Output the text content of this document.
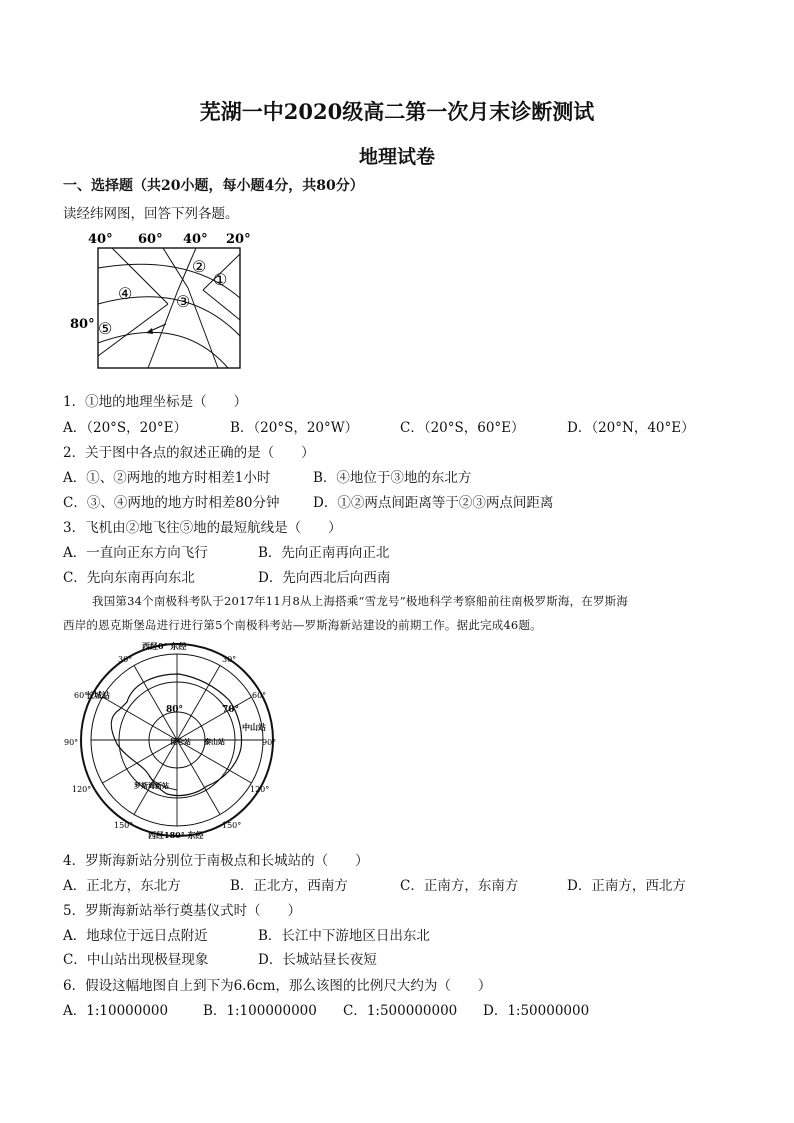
芜湖一中2020级高二第一次月末诊断测试
地理试卷
一、选择题（共20小题，每小题4分，共80分）
读经纬网图，回答下列各题。
40° 60° 40° 20°
80°
①
②
③
④
⑤
1．①地的地理坐标是（　　）
A．（20°S，20°E）	B．（20°S，20°W）	C．（20°S，60°E）	D．（20°N，40°E）
2．关于图中各点的叙述正确的是（　　）
A．①、②两地的地方时相差1小时	B．④地位于③地的东北方
C．③、④两地的地方时相差80分钟 D．①②两点间距离等于②③两点间距离
3．飞机由②地飞往⑤地的最短航线是（　　）
A．一直向正东方向飞行	B．先向正南再向正北
C．先向东南再向东北	D．先向西北后向西南
我国第34个南极科考队于2017年11月8从上海搭乘“雪龙号”极地科学考察船前往南极罗斯海，在罗斯海
西岸的恩克斯堡岛进行进行第5个南极科考站—罗斯海新站建设的前期工作。据此完成46题。
西经0° 东经
西经180° 东经
30°	30°
60°	60°
90°	90°
120°	120°
150°	150°
80°	70°
长城站
中山站
罗斯海新站
昆仑站 泰山站
4．罗斯海新站分别位于南极点和长城站的（　　）
A．正北方，东北方	B．正北方，西南方	C．正南方，东南方	D．正南方，西北方
5．罗斯海新站举行奠基仪式时（　　）
A．地球位于远日点附近	B．长江中下游地区日出东北
C．中山站出现极昼现象	D．长城站昼长夜短
6．假设这幅地图自上到下为6.6cm，那么该图的比例尺大约为（　　）
A．1:10000000	B．1:100000000 C．1:500000000 D．1:50000000
